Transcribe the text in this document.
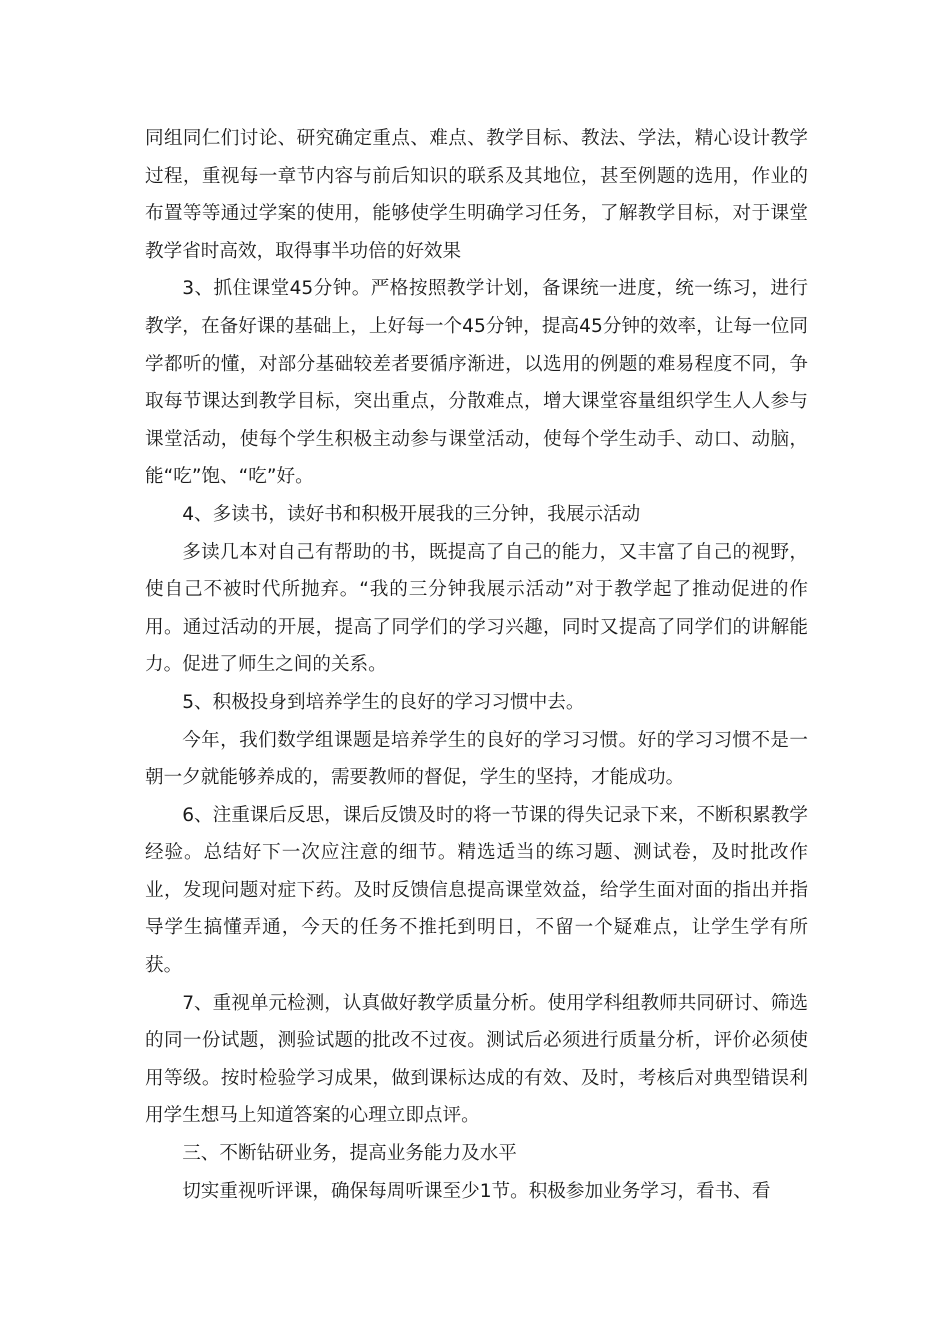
同组同仁们讨论、研究确定重点、难点、教学目标、教法、学法，精心设计教学过程，重视每一章节内容与前后知识的联系及其地位，甚至例题的选用，作业的布置等等通过学案的使用，能够使学生明确学习任务，了解教学目标，对于课堂教学省时高效，取得事半功倍的好效果

3、抓住课堂45分钟。严格按照教学计划，备课统一进度，统一练习，进行教学，在备好课的基础上，上好每一个45分钟，提高45分钟的效率，让每一位同学都听的懂，对部分基础较差者要循序渐进，以选用的例题的难易程度不同，争取每节课达到教学目标，突出重点，分散难点，增大课堂容量组织学生人人参与课堂活动，使每个学生积极主动参与课堂活动，使每个学生动手、动口、动脑，能“吃”饱、“吃”好。

4、多读书，读好书和积极开展我的三分钟，我展示活动

多读几本对自己有帮助的书，既提高了自己的能力，又丰富了自己的视野，使自己不被时代所抛弃。“我的三分钟我展示活动”对于教学起了推动促进的作用。通过活动的开展，提高了同学们的学习兴趣，同时又提高了同学们的讲解能力。促进了师生之间的关系。

5、积极投身到培养学生的良好的学习习惯中去。

今年，我们数学组课题是培养学生的良好的学习习惯。好的学习习惯不是一朝一夕就能够养成的，需要教师的督促，学生的坚持，才能成功。

6、注重课后反思，课后反馈及时的将一节课的得失记录下来，不断积累教学经验。总结好下一次应注意的细节。精选适当的练习题、测试卷，及时批改作业，发现问题对症下药。及时反馈信息提高课堂效益，给学生面对面的指出并指导学生搞懂弄通，今天的任务不推托到明日，不留一个疑难点，让学生学有所获。

7、重视单元检测，认真做好教学质量分析。使用学科组教师共同研讨、筛选的同一份试题，测验试题的批改不过夜。测试后必须进行质量分析，评价必须使用等级。按时检验学习成果，做到课标达成的有效、及时，考核后对典型错误利用学生想马上知道答案的心理立即点评。

三、不断钻研业务，提高业务能力及水平

切实重视听评课，确保每周听课至少1节。积极参加业务学习，看书、看
